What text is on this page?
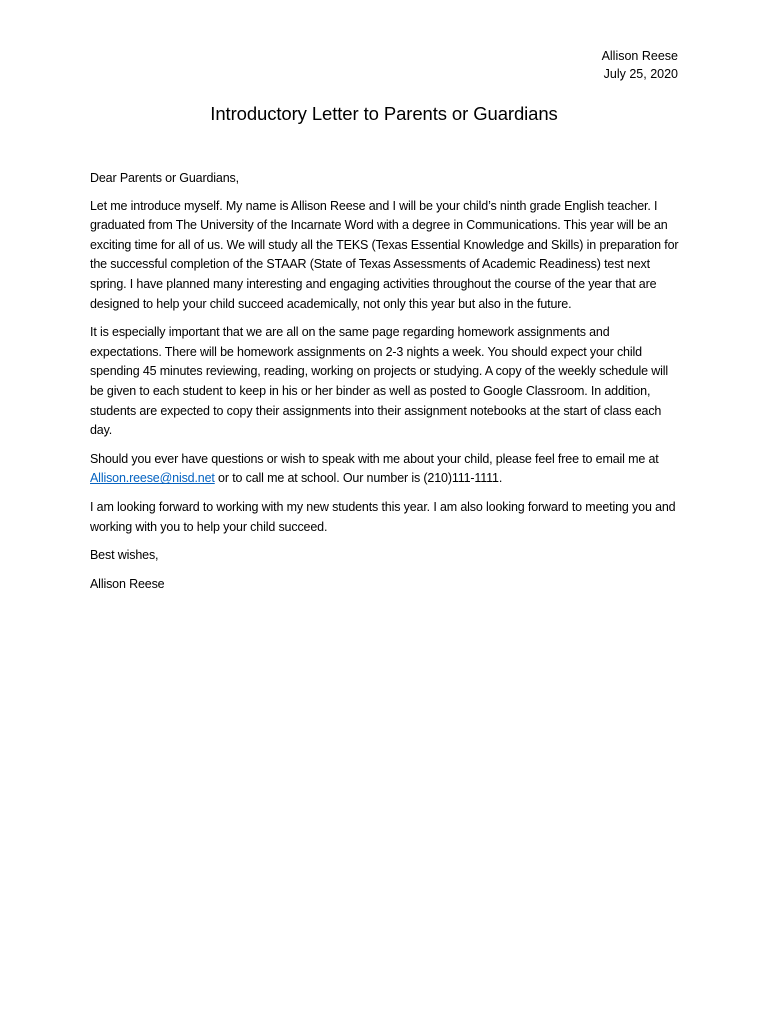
Allison Reese
July 25, 2020
Introductory Letter to Parents or Guardians

Dear Parents or Guardians,

Let me introduce myself. My name is Allison Reese and I will be your child’s ninth grade English teacher. I graduated from The University of the Incarnate Word with a degree in Communications. This year will be an exciting time for all of us. We will study all the TEKS (Texas Essential Knowledge and Skills) in preparation for the successful completion of the STAAR (State of Texas Assessments of Academic Readiness) test next spring. I have planned many interesting and engaging activities throughout the course of the year that are designed to help your child succeed academically, not only this year but also in the future.

It is especially important that we are all on the same page regarding homework assignments and expectations. There will be homework assignments on 2-3 nights a week. You should expect your child spending 45 minutes reviewing, reading, working on projects or studying. A copy of the weekly schedule will be given to each student to keep in his or her binder as well as posted to Google Classroom. In addition, students are expected to copy their assignments into their assignment notebooks at the start of class each day.

Should you ever have questions or wish to speak with me about your child, please feel free to email me at Allison.reese@nisd.net or to call me at school. Our number is (210)111-1111.

I am looking forward to working with my new students this year. I am also looking forward to meeting you and working with you to help your child succeed.

Best wishes,

Allison Reese
